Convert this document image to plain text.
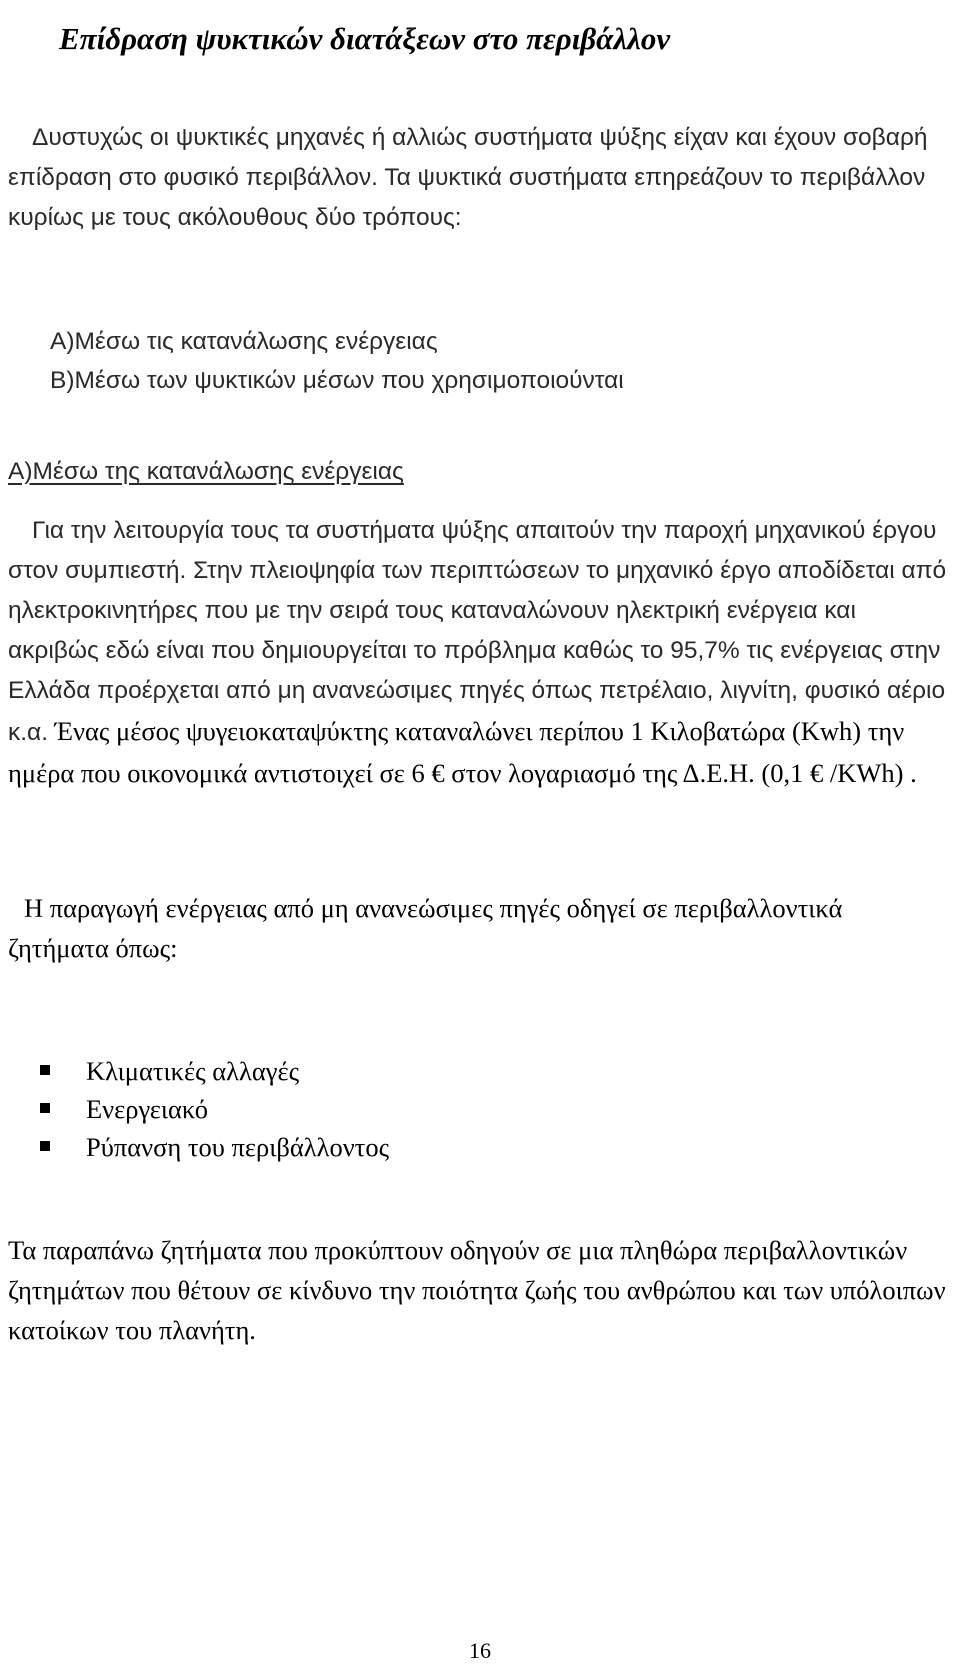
Επίδραση ψυκτικών διατάξεων στο περιβάλλον

Δυστυχώς οι ψυκτικές μηχανές ή αλλιώς συστήματα ψύξης είχαν και έχουν σοβαρή επίδραση στο φυσικό περιβάλλον. Τα ψυκτικά συστήματα επηρεάζουν το περιβάλλον κυρίως με τους ακόλουθους δύο τρόπους:

Α)Μέσω τις κατανάλωσης ενέργειας
Β)Μέσω των ψυκτικών μέσων που χρησιμοποιούνται

Α)Μέσω της κατανάλωσης ενέργειας

Για την λειτουργία τους τα συστήματα ψύξης απαιτούν την παροχή μηχανικού έργου στον συμπιεστή. Στην πλειοψηφία των περιπτώσεων το μηχανικό έργο αποδίδεται από ηλεκτροκινητήρες που με την σειρά τους καταναλώνουν ηλεκτρική ενέργεια και ακριβώς εδώ είναι που δημιουργείται το πρόβλημα καθώς το 95,7% τις ενέργειας στην Ελλάδα προέρχεται από μη ανανεώσιμες πηγές όπως πετρέλαιο, λιγνίτη, φυσικό αέριο κ.α. Ένας μέσος ψυγειοκαταψύκτης καταναλώνει περίπου 1 Κιλοβατώρα (Kwh) την ημέρα που οικονομικά αντιστοιχεί σε 6 € στον λογαριασμό της Δ.Ε.Η. (0,1 € /KWh) .

Η παραγωγή ενέργειας από μη ανανεώσιμες πηγές οδηγεί σε περιβαλλοντικά ζητήματα όπως:

Κλιματικές αλλαγές
Ενεργειακό
Ρύπανση του περιβάλλοντος

Τα παραπάνω ζητήματα που προκύπτουν οδηγούν σε μια πληθώρα περιβαλλοντικών ζητημάτων που θέτουν σε κίνδυνο την ποιότητα ζωής του ανθρώπου και των υπόλοιπων κατοίκων του πλανήτη.

16
